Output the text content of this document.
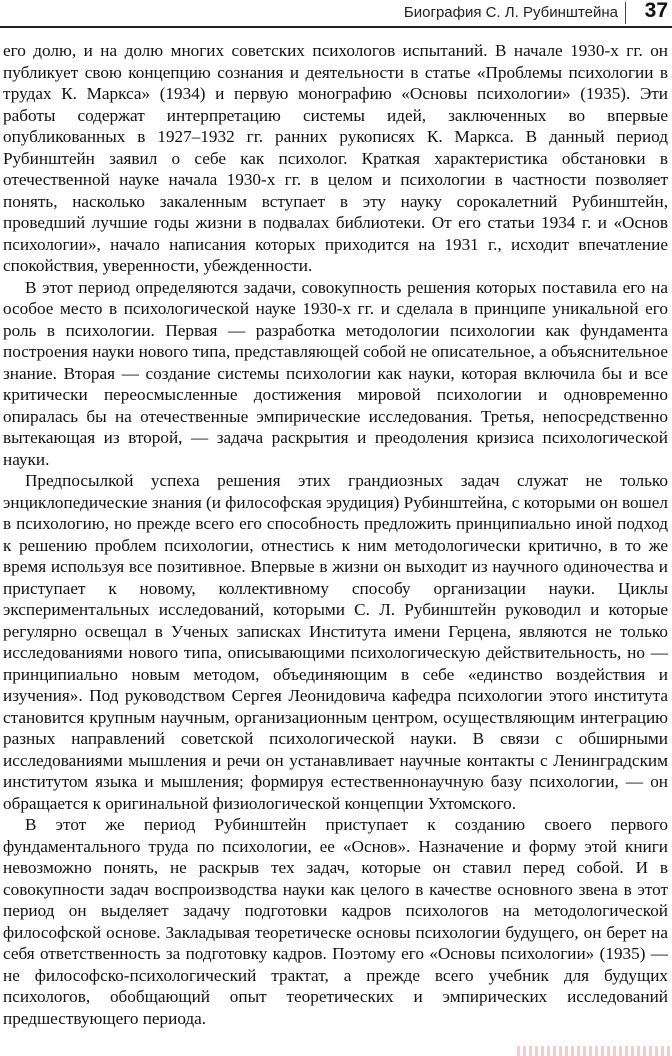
Биография С. Л. Рубинштейна 37

его долю, и на долю многих советских психологов испытаний. В начале 1930-х гг. он публикует свою концепцию сознания и деятельности в статье «Проблемы психологии в трудах К. Маркса» (1934) и первую монографию «Основы психологии» (1935). Эти работы содержат интерпретацию системы идей, заключенных во впервые опубликованных в 1927–1932 гг. ранних рукописях К. Маркса. В данный период Рубинштейн заявил о себе как психолог. Краткая характеристика обстановки в отечественной науке начала 1930-х гг. в целом и психологии в частности позволяет понять, насколько закаленным вступает в эту науку сорокалетний Рубинштейн, проведший лучшие годы жизни в подвалах библиотеки. От его статьи 1934 г. и «Основ психологии», начало написания которых приходится на 1931 г., исходит впечатление спокойствия, уверенности, убежденности.

В этот период определяются задачи, совокупность решения которых поставила его на особое место в психологической науке 1930-х гг. и сделала в принципе уникальной его роль в психологии. Первая — разработка методологии психологии как фундамента построения науки нового типа, представляющей собой не описательное, а объяснительное знание. Вторая — создание системы психологии как науки, которая включила бы и все критически переосмысленные достижения мировой психологии и одновременно опиралась бы на отечественные эмпирические исследования. Третья, непосредственно вытекающая из второй, — задача раскрытия и преодоления кризиса психологической науки.

Предпосылкой успеха решения этих грандиозных задач служат не только энциклопедические знания (и философская эрудиция) Рубинштейна, с которыми он вошел в психологию, но прежде всего его способность предложить принципиально иной подход к решению проблем психологии, отнестись к ним методологически критично, в то же время используя все позитивное. Впервые в жизни он выходит из научного одиночества и приступает к новому, коллективному способу организации науки. Циклы экспериментальных исследований, которыми С. Л. Рубинштейн руководил и которые регулярно освещал в Ученых записках Института имени Герцена, являются не только исследованиями нового типа, описывающими психологическую действительность, но — принципиально новым методом, объединяющим в себе «единство воздействия и изучения». Под руководством Сергея Леонидовича кафедра психологии этого института становится крупным научным, организационным центром, осуществляющим интеграцию разных направлений советской психологической науки. В связи с обширными исследованиями мышления и речи он устанавливает научные контакты с Ленинградским институтом языка и мышления; формируя естественнонаучную базу психологии, — он обращается к оригинальной физиологической концепции Ухтомского.

В этот же период Рубинштейн приступает к созданию своего первого фундаментального труда по психологии, ее «Основ». Назначение и форму этой книги невозможно понять, не раскрыв тех задач, которые он ставил перед собой. И в совокупности задач воспроизводства науки как целого в качестве основного звена в этот период он выделяет задачу подготовки кадров психологов на методологической философской основе. Закладывая теоретическе основы психологии будущего, он берет на себя ответственность за подготовку кадров. Поэтому его «Основы психологии» (1935) — не философско-психологический трактат, а прежде всего учебник для будущих психологов, обобщающий опыт теоретических и эмпирических исследований предшествующего периода.
